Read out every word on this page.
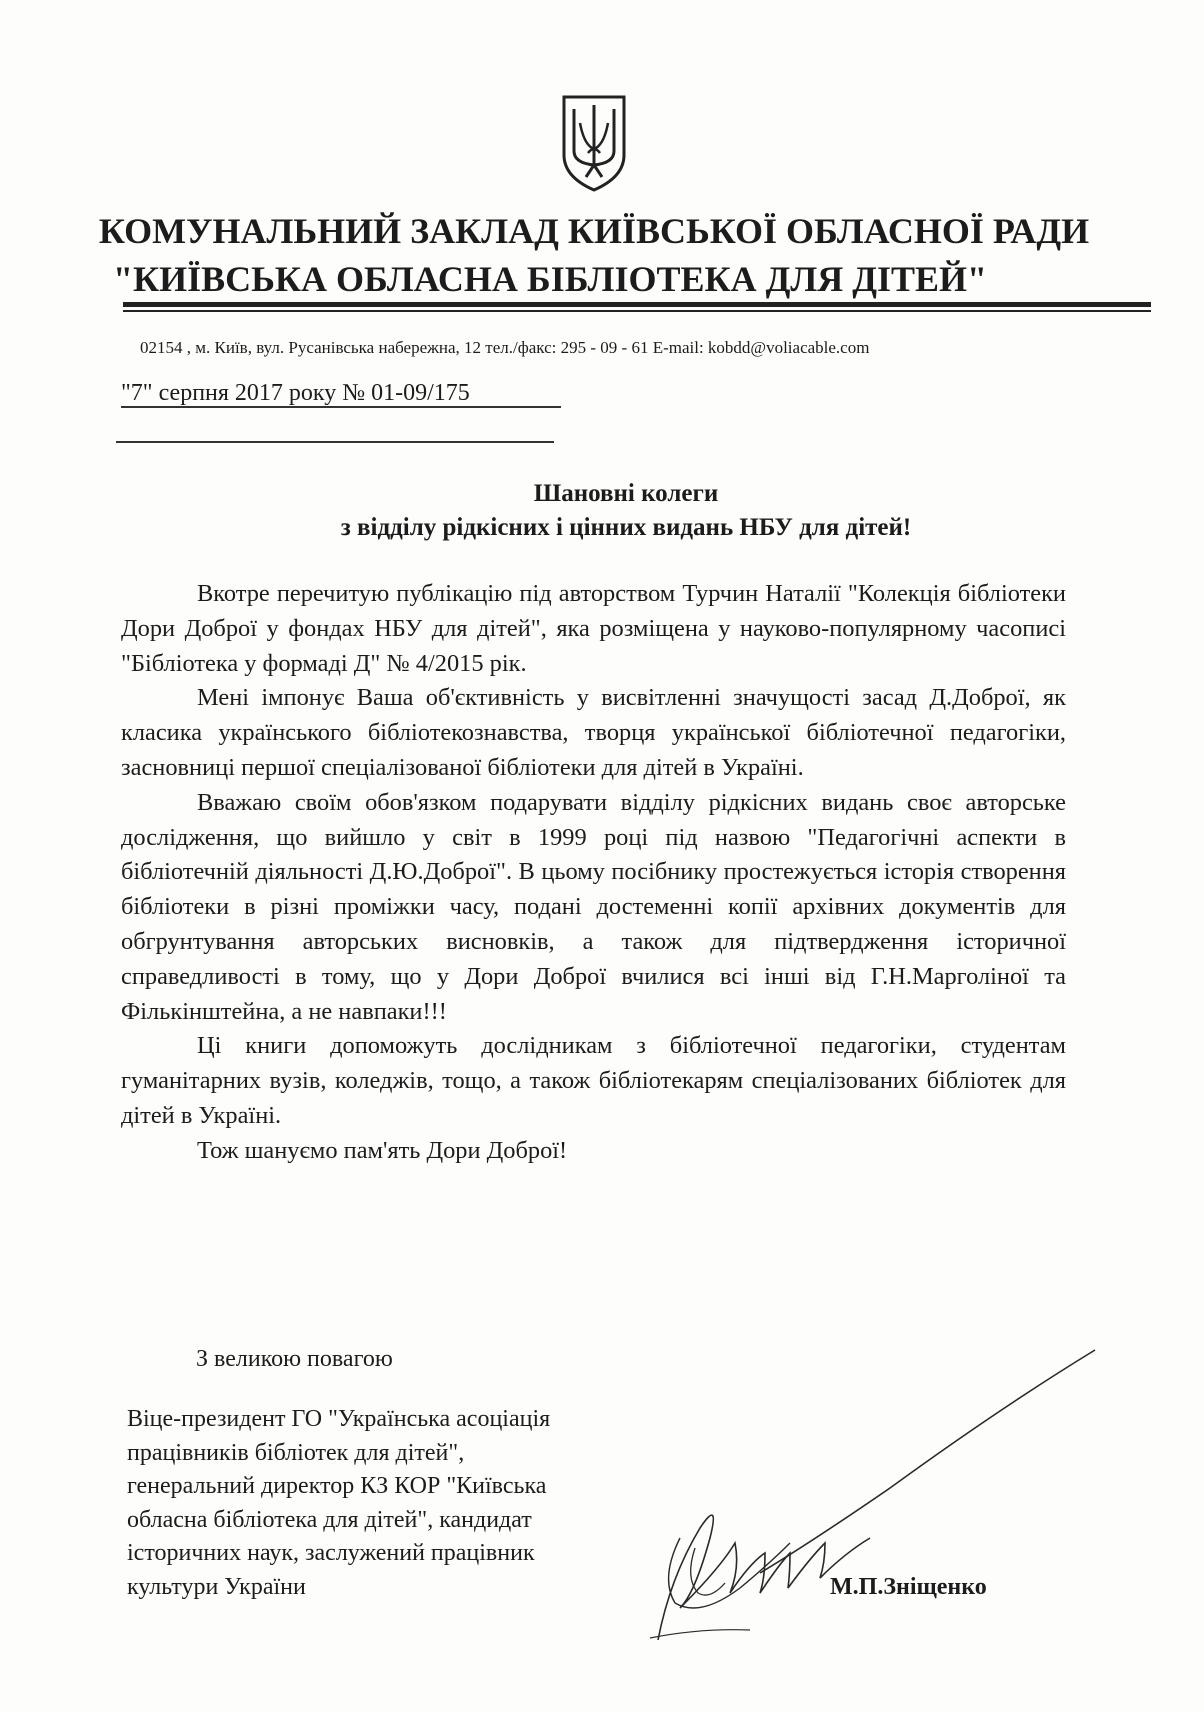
КОМУНАЛЬНИЙ ЗАКЛАД КИЇВСЬКОЇ ОБЛАСНОЇ РАДИ
"КИЇВСЬКА ОБЛАСНА БІБЛІОТЕКА ДЛЯ ДІТЕЙ"
02154 , м. Київ, вул. Русанівська набережна, 12 тел./факс: 295 - 09 - 61 E-mail: kobdd@voliacable.com
"7" серпня 2017 року № 01-09/175
Шановні колеги
з відділу рідкісних і цінних видань НБУ для дітей!

Вкотре перечитую публікацію під авторством Турчин Наталії "Колекція бібліотеки Дори Доброї у фондах НБУ для дітей", яка розміщена у науково-популярному часописі "Бібліотека у формаді Д" № 4/2015 рік.

Мені імпонує Ваша об'єктивність у висвітленні значущості засад Д.Доброї, як класика українського бібліотекознавства, творця української бібліотечної педагогіки, засновниці першої спеціалізованої бібліотеки для дітей в Україні.

Вважаю своїм обов'язком подарувати відділу рідкісних видань своє авторське дослідження, що вийшло у світ в 1999 році під назвою "Педагогічні аспекти в бібліотечній діяльності Д.Ю.Доброї". В цьому посібнику простежується історія створення бібліотеки в різні проміжки часу, подані достеменні копії архівних документів для обгрунтування авторських висновків, а також для підтвердження історичної справедливості в тому, що у Дори Доброї вчилися всі інші від Г.Н.Марголіної та Фількінштейна, а не навпаки!!!

Ці книги допоможуть дослідникам з бібліотечної педагогіки, студентам гуманітарних вузів, коледжів, тощо, а також бібліотекарям спеціалізованих бібліотек для дітей в Україні.

Тож шануємо пам'ять Дори Доброї!

З великою повагою
Віце-президент ГО "Українська асоціація
працівників бібліотек для дітей",
генеральний директор КЗ КОР "Київська
обласна бібліотека для дітей", кандидат
історичних наук, заслужений працівник
культури України	М.П.Зніщенко
